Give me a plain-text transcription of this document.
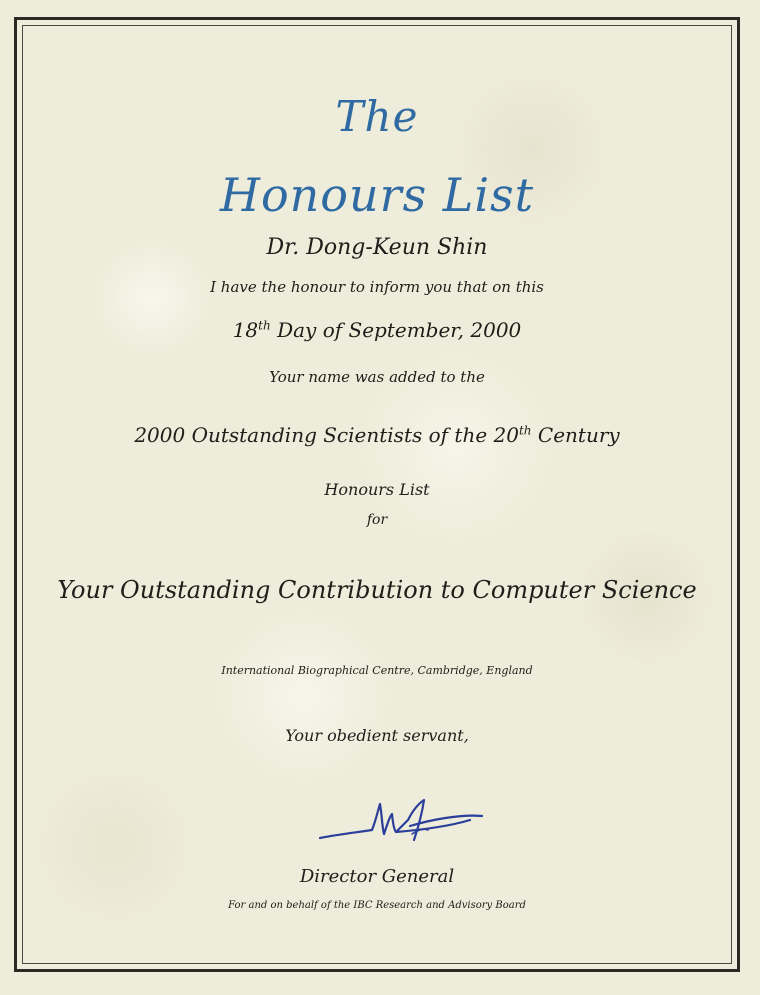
The
Honours List
Dr. Dong-Keun Shin
I have the honour to inform you that on this
18th Day of September, 2000
Your name was added to the
2000 Outstanding Scientists of the 20th Century
Honours List
for
Your Outstanding Contribution to Computer Science
International Biographical Centre, Cambridge, England
Your obedient servant,
Director General
For and on behalf of the IBC Research and Advisory Board
